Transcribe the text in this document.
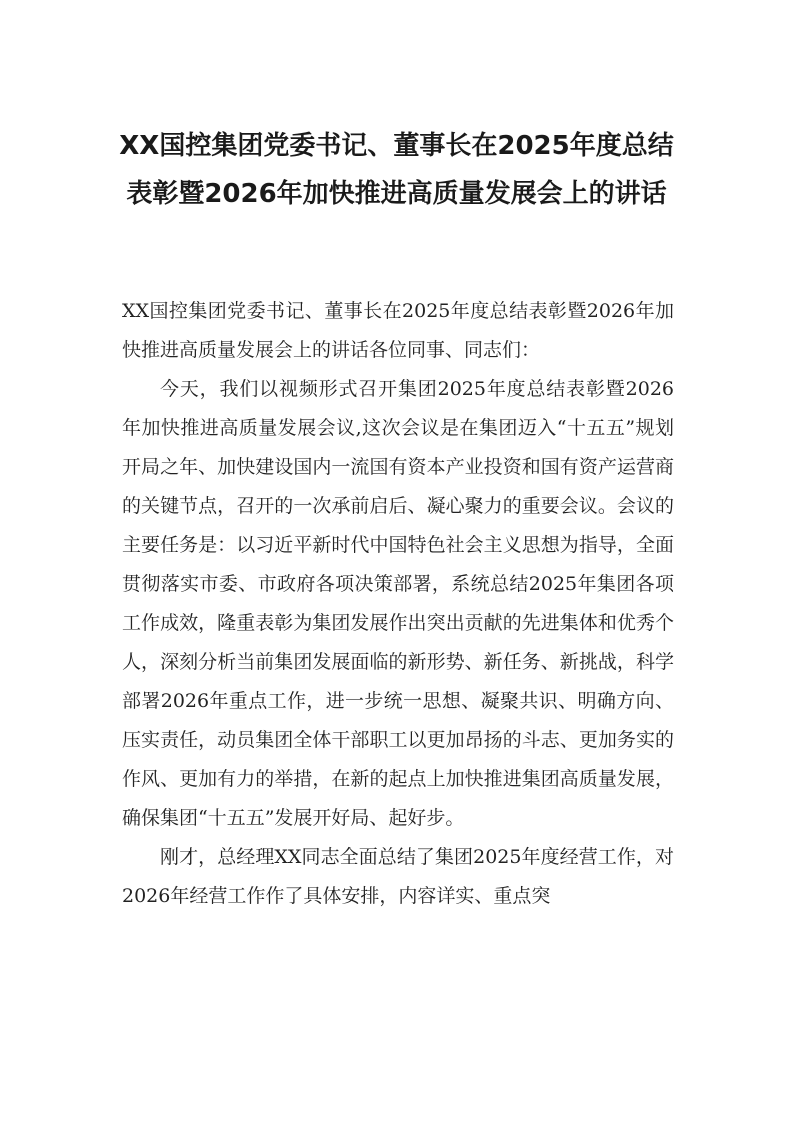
XX国控集团党委书记、董事长在2025年度总结表彰暨2026年加快推进高质量发展会上的讲话

XX国控集团党委书记、董事长在2025年度总结表彰暨2026年加快推进高质量发展会上的讲话各位同事、同志们：

今天，我们以视频形式召开集团2025年度总结表彰暨2026年加快推进高质量发展会议,这次会议是在集团迈入“十五五”规划开局之年、加快建设国内一流国有资本产业投资和国有资产运营商的关键节点，召开的一次承前启后、凝心聚力的重要会议。会议的主要任务是：以习近平新时代中国特色社会主义思想为指导，全面贯彻落实市委、市政府各项决策部署，系统总结2025年集团各项工作成效，隆重表彰为集团发展作出突出贡献的先进集体和优秀个人，深刻分析当前集团发展面临的新形势、新任务、新挑战，科学部署2026年重点工作，进一步统一思想、凝聚共识、明确方向、压实责任，动员集团全体干部职工以更加昂扬的斗志、更加务实的作风、更加有力的举措，在新的起点上加快推进集团高质量发展，确保集团“十五五”发展开好局、起好步。

刚才，总经理XX同志全面总结了集团2025年度经营工作，对2026年经营工作作了具体安排，内容详实、重点突
